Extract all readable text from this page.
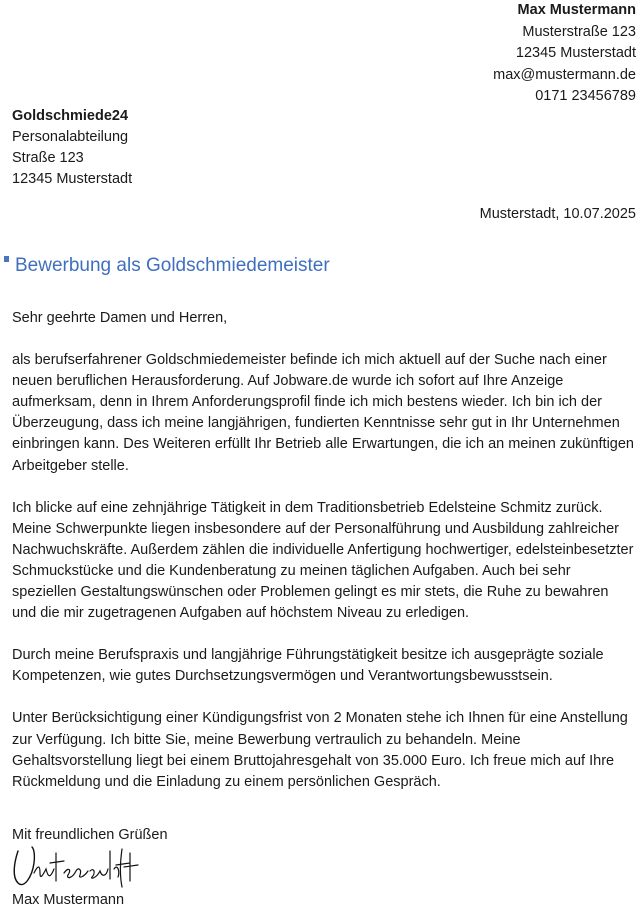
Max Mustermann
Musterstraße 123
12345 Musterstadt
max@mustermann.de
0171 23456789
Goldschmiede24
Personalabteilung
Straße 123
12345 Musterstadt
Musterstadt, 10.07.2025
Bewerbung als Goldschmiedemeister

Sehr geehrte Damen und Herren,

als berufserfahrener Goldschmiedemeister befinde ich mich aktuell auf der Suche nach einer neuen beruflichen Herausforderung. Auf Jobware.de wurde ich sofort auf Ihre Anzeige aufmerksam, denn in Ihrem Anforderungsprofil finde ich mich bestens wieder. Ich bin ich der Überzeugung, dass ich meine langjährigen, fundierten Kenntnisse sehr gut in Ihr Unternehmen einbringen kann. Des Weiteren erfüllt Ihr Betrieb alle Erwartungen, die ich an meinen zukünftigen Arbeitgeber stelle.

Ich blicke auf eine zehnjährige Tätigkeit in dem Traditionsbetrieb Edelsteine Schmitz zurück. Meine Schwerpunkte liegen insbesondere auf der Personalführung und Ausbildung zahlreicher Nachwuchskräfte. Außerdem zählen die individuelle Anfertigung hochwertiger, edelsteinbesetzter Schmuckstücke und die Kundenberatung zu meinen täglichen Aufgaben. Auch bei sehr speziellen Gestaltungswünschen oder Problemen gelingt es mir stets, die Ruhe zu bewahren und die mir zugetragenen Aufgaben auf höchstem Niveau zu erledigen.

Durch meine Berufspraxis und langjährige Führungstätigkeit besitze ich ausgeprägte soziale Kompetenzen, wie gutes Durchsetzungsvermögen und Verantwortungsbewusstsein.

Unter Berücksichtigung einer Kündigungsfrist von 2 Monaten stehe ich Ihnen für eine Anstellung zur Verfügung. Ich bitte Sie, meine Bewerbung vertraulich zu behandeln. Meine Gehaltsvorstellung liegt bei einem Bruttojahresgehalt von 35.000 Euro. Ich freue mich auf Ihre Rückmeldung und die Einladung zu einem persönlichen Gespräch.

Mit freundlichen Grüßen
Max Mustermann
